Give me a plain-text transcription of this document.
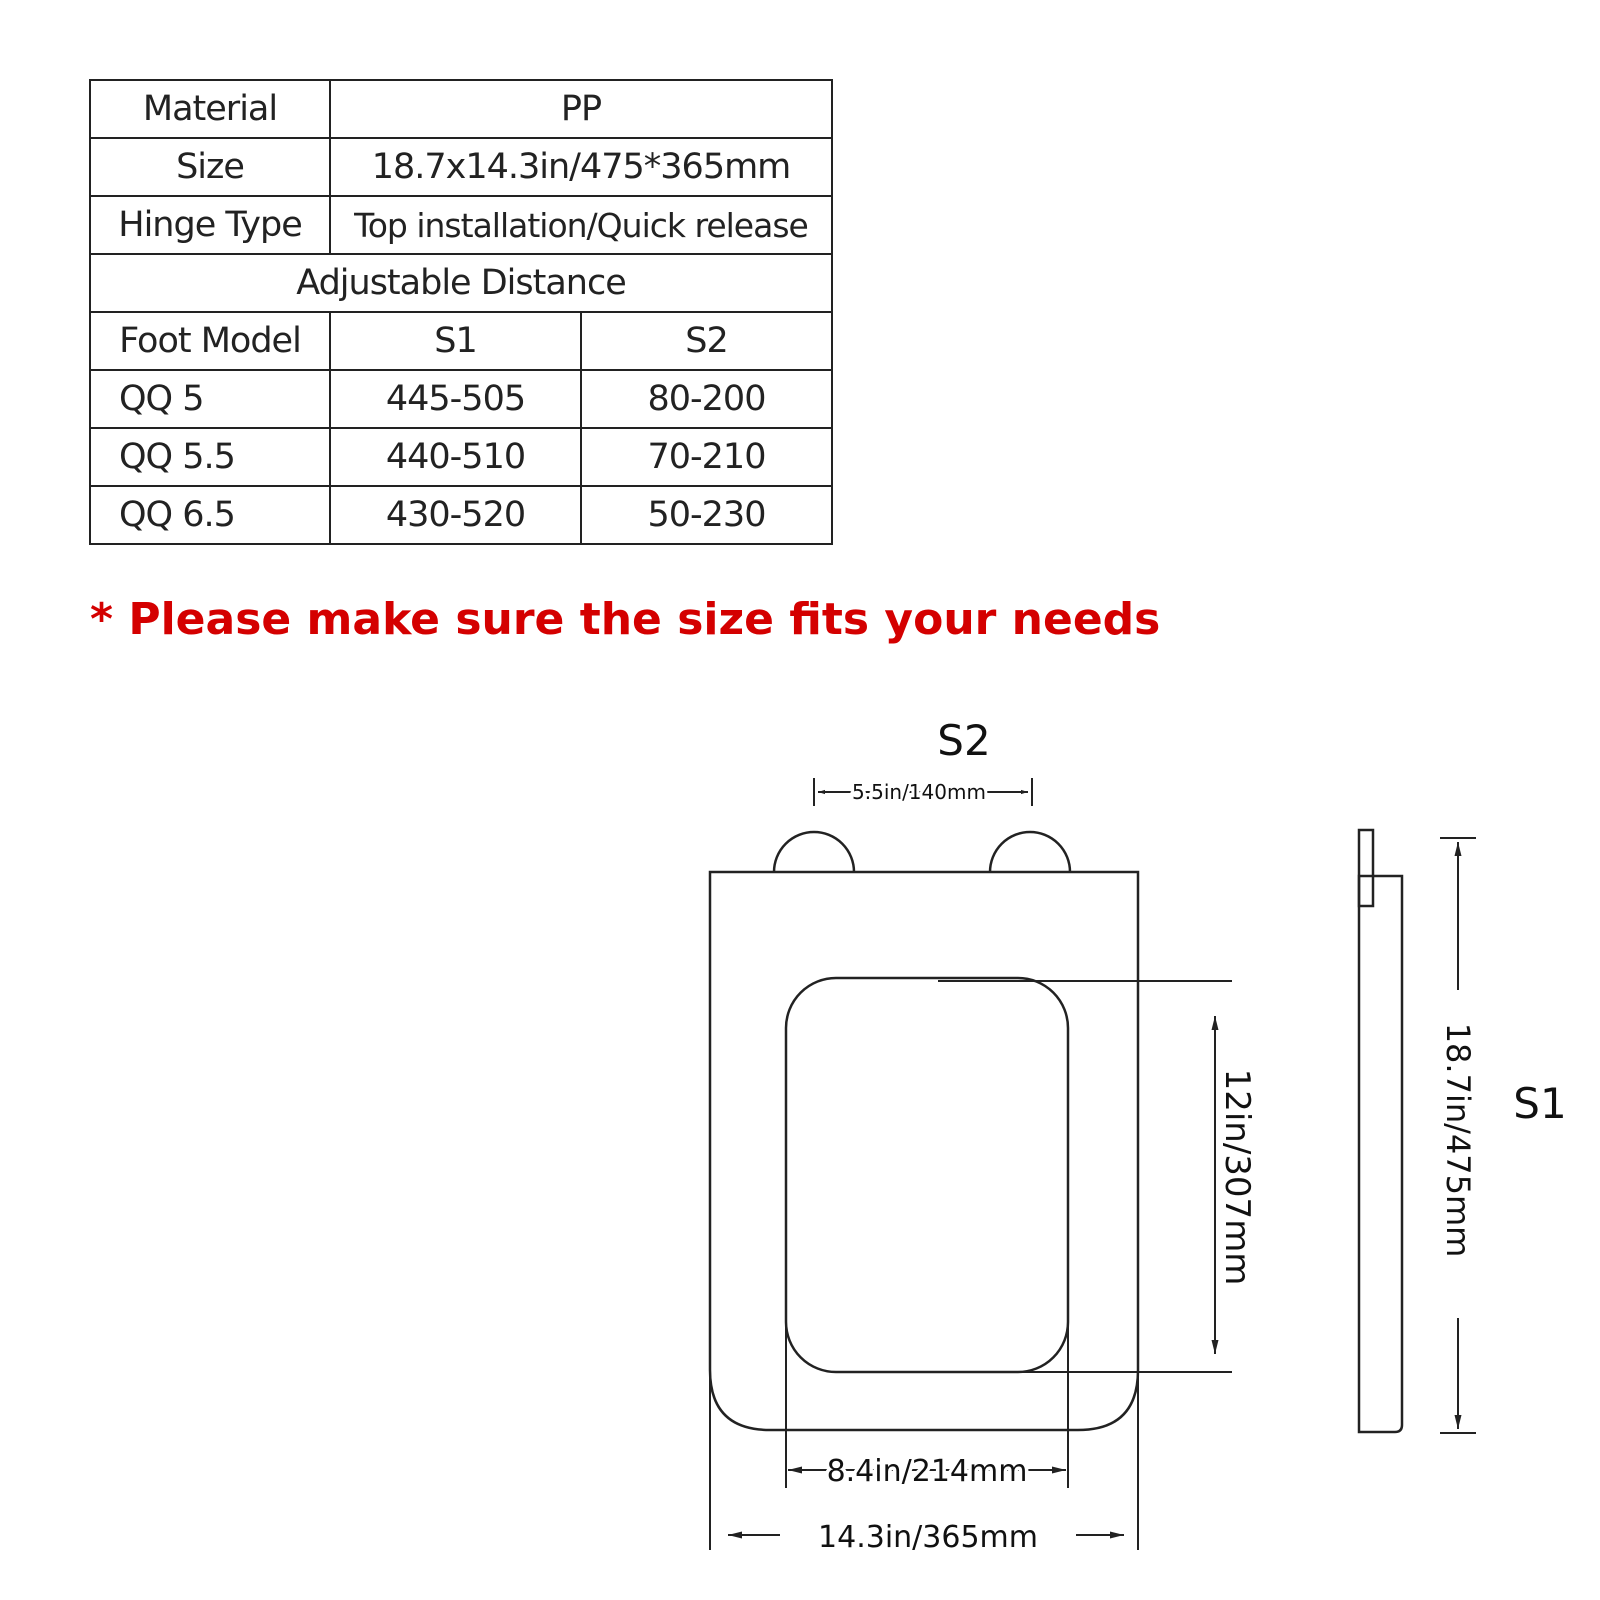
Material	PP	
Size	18.7x14.3in/475*365mm	
Hinge Type	Top installation/Quick release	
Adjustable Distance		
Foot Model	S1	S2
QQ 5	445-505	80-200
QQ 5.5	440-510	70-210
QQ 6.5	430-520	50-230
* Please make sure the size fits your needs
S2
5.5in/140mm
12in/307mm
8.4in/214mm
14.3in/365mm
18.7in/475mm S1
